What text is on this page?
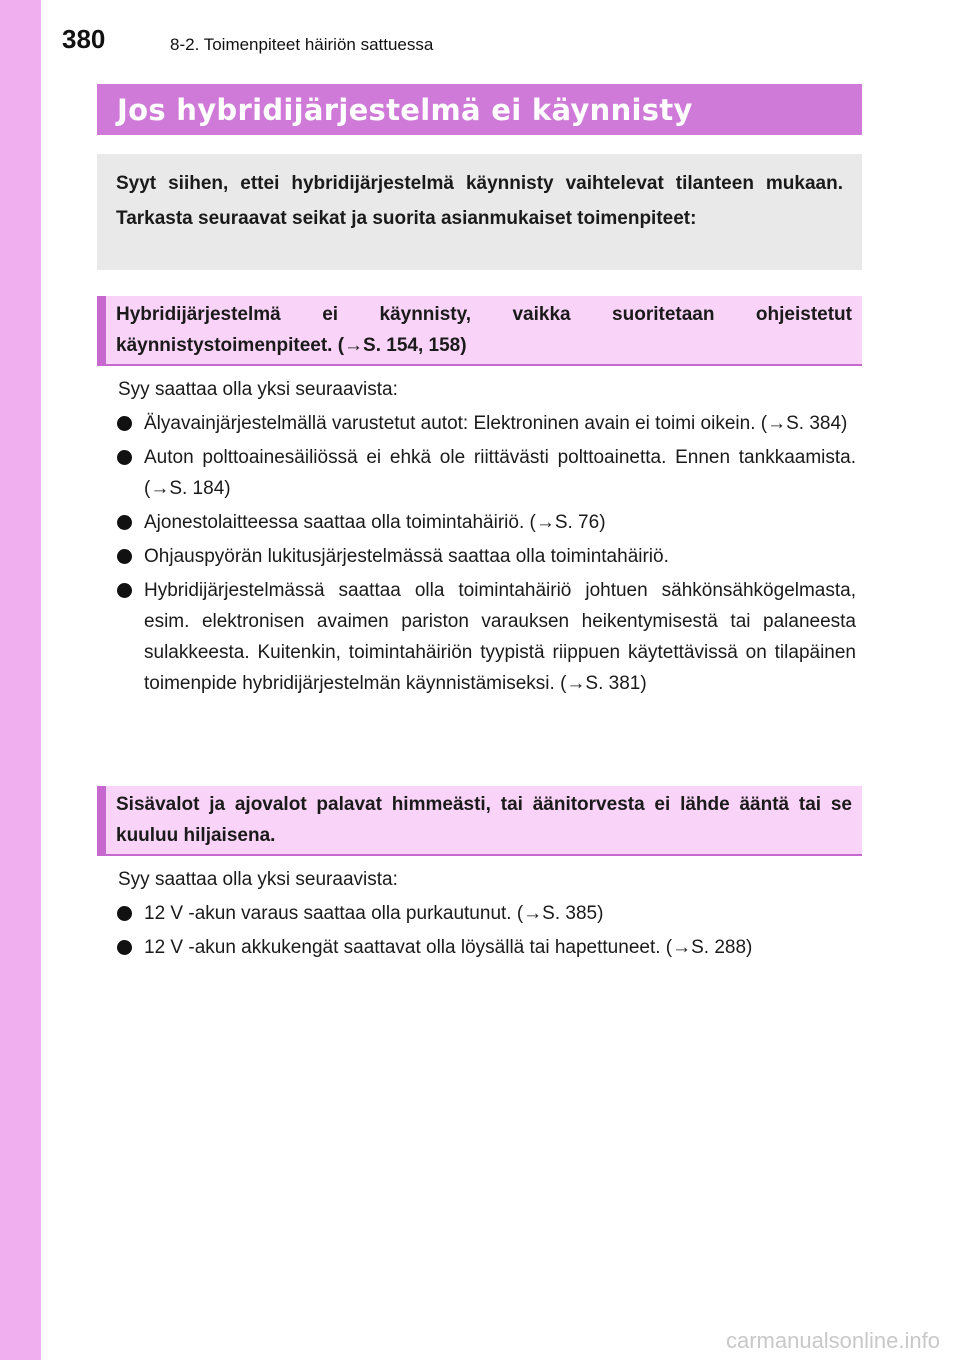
380	8-2. Toimenpiteet häiriön sattuessa
Jos hybridijärjestelmä ei käynnisty

Syyt siihen, ettei hybridijärjestelmä käynnisty vaihtelevat tilanteen mukaan. Tarkasta seuraavat seikat ja suorita asianmukaiset toimenpiteet:

Hybridijärjestelmä ei käynnisty, vaikka suoritetaan ohjeistetut käynnistystoimenpiteet. (→S. 154, 158)

Syy saattaa olla yksi seuraavista:

Älyavainjärjestelmällä varustetut autot: Elektroninen avain ei toimi oikein. (→S. 384)
Auton polttoainesäiliössä ei ehkä ole riittävästi polttoainetta. Ennen tankkaamista. (→S. 184)
Ajonestolaitteessa saattaa olla toimintahäiriö. (→S. 76)
Ohjauspyörän lukitusjärjestelmässä saattaa olla toimintahäiriö.
Hybridijärjestelmässä saattaa olla toimintahäiriö johtuen sähkönsähkögelmasta, esim. elektronisen avaimen pariston varauksen heikentymisestä tai palaneesta sulakkeesta. Kuitenkin, toimintahäiriön tyypistä riippuen käytettävissä on tilapäinen toimenpide hybridijärjestelmän käynnistämiseksi. (→S. 381)

Sisävalot ja ajovalot palavat himmeästi, tai äänitorvesta ei lähde ääntä tai se kuuluu hiljaisena.

Syy saattaa olla yksi seuraavista:

12 V -akun varaus saattaa olla purkautunut. (→S. 385)
12 V -akun akkukengät saattavat olla löysällä tai hapettuneet. (→S. 288)
carmanualsonline.info
